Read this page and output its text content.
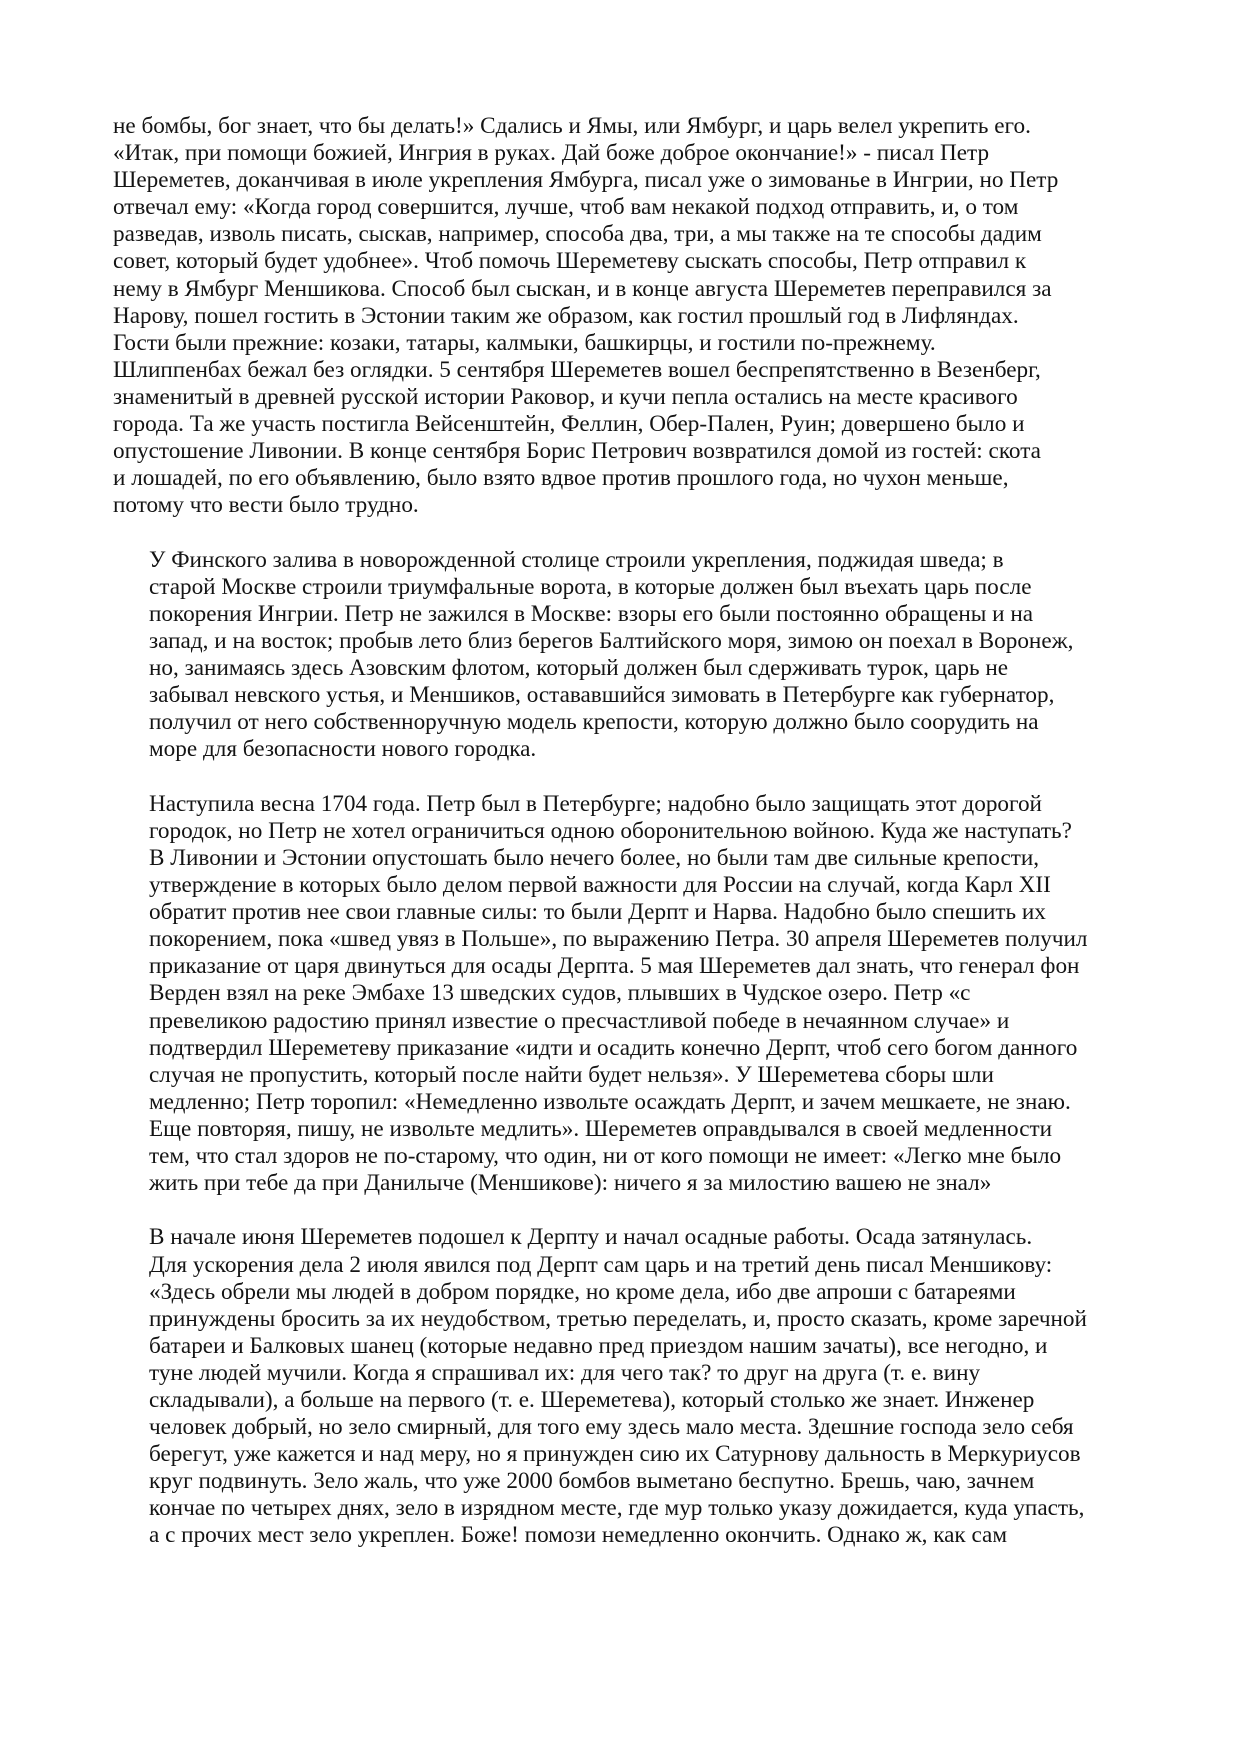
не бомбы, бог знает, что бы делать!» Сдались и Ямы, или Ямбург, и царь велел укрепить его.
«Итак, при помощи божией, Ингрия в руках. Дай боже доброе окончание!» - писал Петр
Шереметев, доканчивая в июле укрепления Ямбурга, писал уже о зимованье в Ингрии, но Петр
отвечал ему: «Когда город совершится, лучше, чтоб вам некакой подход отправить, и, о том
разведав, изволь писать, сыскав, например, способа два, три, а мы также на те способы дадим
совет, который будет удобнее». Чтоб помочь Шереметеву сыскать способы, Петр отправил к
нему в Ямбург Меншикова. Способ был сыскан, и в конце августа Шереметев переправился за
Нарову, пошел гостить в Эстонии таким же образом, как гостил прошлый год в Лифляндах.
Гости были прежние: козаки, татары, калмыки, башкирцы, и гостили по-прежнему.
Шлиппенбах бежал без оглядки. 5 сентября Шереметев вошел беспрепятственно в Везенберг,
знаменитый в древней русской истории Раковор, и кучи пепла остались на месте красивого
города. Та же участь постигла Вейсенштейн, Феллин, Обер-Пален, Руин; довершено было и
опустошение Ливонии. В конце сентября Борис Петрович возвратился домой из гостей: скота
и лошадей, по его объявлению, было взято вдвое против прошлого года, но чухон меньше,
потому что вести было трудно.
У Финского залива в новорожденной столице строили укрепления, поджидая шведа; в
старой Москве строили триумфальные ворота, в которые должен был въехать царь после
покорения Ингрии. Петр не зажился в Москве: взоры его были постоянно обращены и на
запад, и на восток; пробыв лето близ берегов Балтийского моря, зимою он поехал в Воронеж,
но, занимаясь здесь Азовским флотом, который должен был сдерживать турок, царь не
забывал невского устья, и Меншиков, остававшийся зимовать в Петербурге как губернатор,
получил от него собственноручную модель крепости, которую должно было соорудить на
море для безопасности нового городка.
Наступила весна 1704 года. Петр был в Петербурге; надобно было защищать этот дорогой
городок, но Петр не хотел ограничиться одною оборонительною войною. Куда же наступать?
В Ливонии и Эстонии опустошать было нечего более, но были там две сильные крепости,
утверждение в которых было делом первой важности для России на случай, когда Карл XII
обратит против нее свои главные силы: то были Дерпт и Нарва. Надобно было спешить их
покорением, пока «швед увяз в Польше», по выражению Петра. 30 апреля Шереметев получил
приказание от царя двинуться для осады Дерпта. 5 мая Шереметев дал знать, что генерал фон
Верден взял на реке Эмбахе 13 шведских судов, плывших в Чудское озеро. Петр «с
превеликою радостию принял известие о пресчастливой победе в нечаянном случае» и
подтвердил Шереметеву приказание «идти и осадить конечно Дерпт, чтоб сего богом данного
случая не пропустить, который после найти будет нельзя». У Шереметева сборы шли
медленно; Петр торопил: «Немедленно извольте осаждать Дерпт, и зачем мешкаете, не знаю.
Еще повторяя, пишу, не извольте медлить». Шереметев оправдывался в своей медленности
тем, что стал здоров не по-старому, что один, ни от кого помощи не имеет: «Легко мне было
жить при тебе да при Данилыче (Меншикове): ничего я за милостию вашею не знал»
В начале июня Шереметев подошел к Дерпту и начал осадные работы. Осада затянулась.
Для ускорения дела 2 июля явился под Дерпт сам царь и на третий день писал Меншикову:
«Здесь обрели мы людей в добром порядке, но кроме дела, ибо две апроши с батареями
принуждены бросить за их неудобством, третью переделать, и, просто сказать, кроме заречной
батареи и Балковых шанец (которые недавно пред приездом нашим зачаты), все негодно, и
туне людей мучили. Когда я спрашивал их: для чего так? то друг на друга (т. е. вину
складывали), а больше на первого (т. е. Шереметева), который столько же знает. Инженер
человек добрый, но зело смирный, для того ему здесь мало места. Здешние господа зело себя
берегут, уже кажется и над меру, но я принужден сию их Сатурнову дальность в Меркуриусов
круг подвинуть. Зело жаль, что уже 2000 бомбов выметано беспутно. Брешь, чаю, зачнем
кончае по четырех днях, зело в изрядном месте, где мур только указу дожидается, куда упасть,
а с прочих мест зело укреплен. Боже! помози немедленно окончить. Однако ж, как сам
